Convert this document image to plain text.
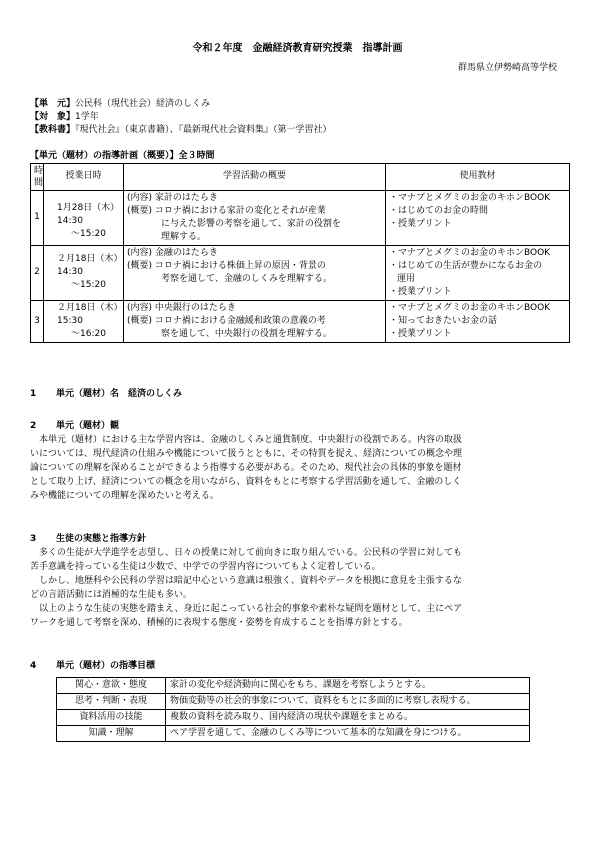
令和２年度　金融経済教育研究授業　指導計画
群馬県立伊勢崎高等学校
【単　元】公民科（現代社会）経済のしくみ
【対　象】1学年
【教科書】『現代社会』（東京書籍）、『最新現代社会資料集』（第一学習社）
【単元（題材）の指導計画（概要）】全３時間
時
間	授業日時	学習活動の概要	使用教材
1	1月28日（木）
14:30
～15:20	(内容) 家計のはたらき
(概要) コロナ禍における家計の変化とそれが産業
に与えた影響の考察を通して、家計の役割を
理解する。	・マナブとメグミのお金のキホンBOOK
・はじめてのお金の時間
・授業プリント

2	２月18日（木）
14:30
～15:20	(内容) 金融のはたらき
(概要) コロナ禍における株価上昇の原因・背景の
考察を通して、金融のしくみを理解する。	・マナブとメグミのお金のキホンBOOK
・はじめての生活が豊かになるお金の
運用
・授業プリント

3	２月18日（木）
15:30
～16:20	(内容) 中央銀行のはたらき
(概要) コロナ禍における金融緩和政策の意義の考
察を通して、中央銀行の役割を理解する。	・マナブとメグミのお金のキホンBOOK
・知っておきたいお金の話
・授業プリント
1 単元（題材）名　経済のしくみ
2 単元（題材）観
　本単元（題材）における主な学習内容は、金融のしくみと通貨制度、中央銀行の役割である。内容の取扱
いについては、現代経済の仕組みや機能について扱うとともに、その特質を捉え、経済についての概念や理
論についての理解を深めることができるよう指導する必要がある。そのため、現代社会の具体的事象を題材
として取り上げ、経済についての概念を用いながら、資料をもとに考察する学習活動を通して、金融のしく
みや機能についての理解を深めたいと考える。
3 生徒の実態と指導方針
　多くの生徒が大学進学を志望し、日々の授業に対して前向きに取り組んでいる。公民科の学習に対しても
苦手意識を持っている生徒は少数で、中学での学習内容についてもよく定着している。
　しかし、地歴科や公民科の学習は暗記中心という意識は根強く、資料やデータを根拠に意見を主張するな
どの言語活動には消極的な生徒も多い。
　以上のような生徒の実態を踏まえ、身近に起こっている社会的事象や素朴な疑問を題材として、主にペア
ワークを通して考察を深め、積極的に表現する態度・姿勢を育成することを指導方針とする。
4 単元（題材）の指導目標
関心・意欲・態度	家計の変化や経済動向に関心をもち、課題を考察しようとする。
思考・判断・表現	物価変動等の社会的事象について、資料をもとに多面的に考察し表現する。
資料活用の技能	複数の資料を読み取り、国内経済の現状や課題をまとめる。
知識・理解	ペア学習を通して、金融のしくみ等について基本的な知識を身につける。
